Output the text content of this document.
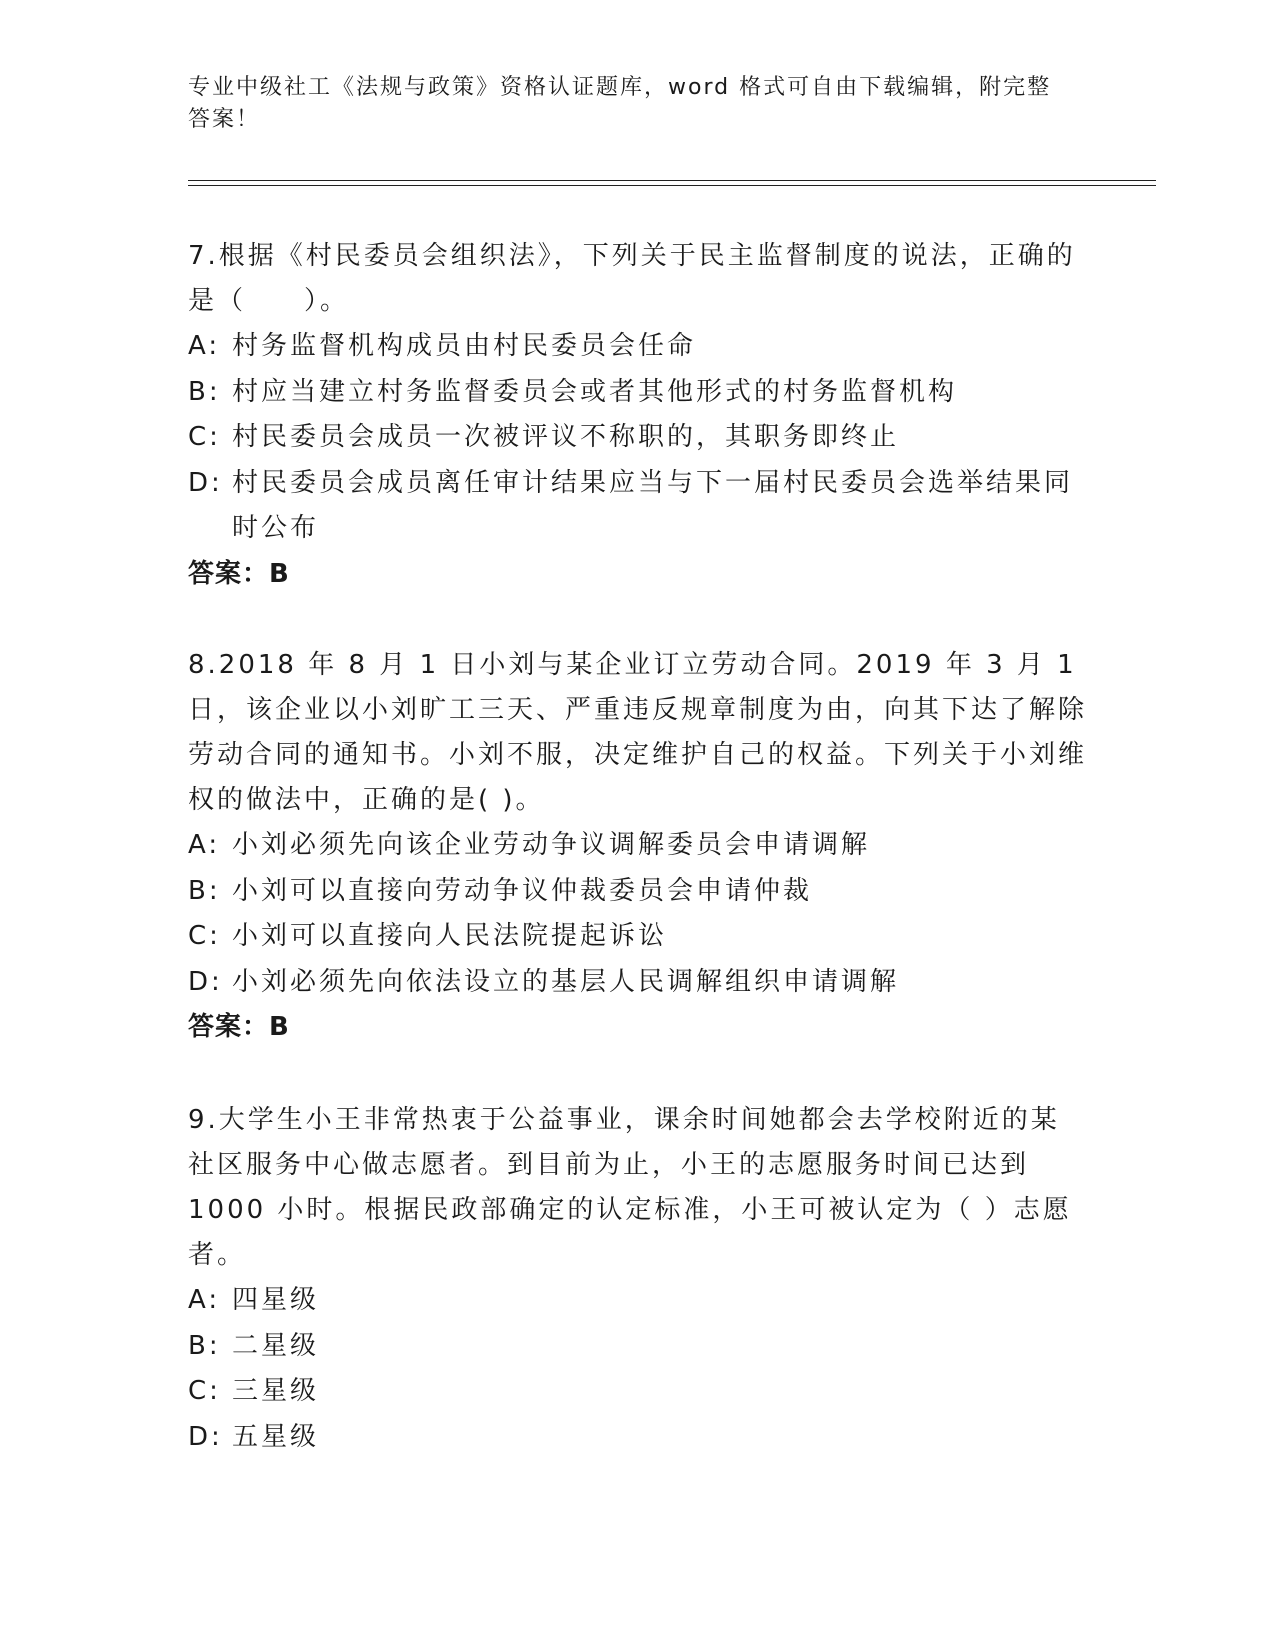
专业中级社工《法规与政策》资格认证题库，word 格式可自由下载编辑，附完整答案！

7.根据《村民委员会组织法》，下列关于民主监督制度的说法，正确的是（　　）。

A: 村务监督机构成员由村民委员会任命
B: 村应当建立村务监督委员会或者其他形式的村务监督机构
C: 村民委员会成员一次被评议不称职的，其职务即终止
D: 村民委员会成员离任审计结果应当与下一届村民委员会选举结果同时公布

答案：B

8.2018 年 8 月 1 日小刘与某企业订立劳动合同。2019 年 3 月 1 日，该企业以小刘旷工三天、严重违反规章制度为由，向其下达了解除劳动合同的通知书。小刘不服，决定维护自己的权益。下列关于小刘维权的做法中，正确的是( )。

A: 小刘必须先向该企业劳动争议调解委员会申请调解
B: 小刘可以直接向劳动争议仲裁委员会申请仲裁
C: 小刘可以直接向人民法院提起诉讼
D: 小刘必须先向依法设立的基层人民调解组织申请调解

答案：B

9.大学生小王非常热衷于公益事业，课余时间她都会去学校附近的某社区服务中心做志愿者。到目前为止，小王的志愿服务时间已达到1000 小时。根据民政部确定的认定标准，小王可被认定为（ ）志愿者。

A: 四星级
B: 二星级
C: 三星级
D: 五星级
